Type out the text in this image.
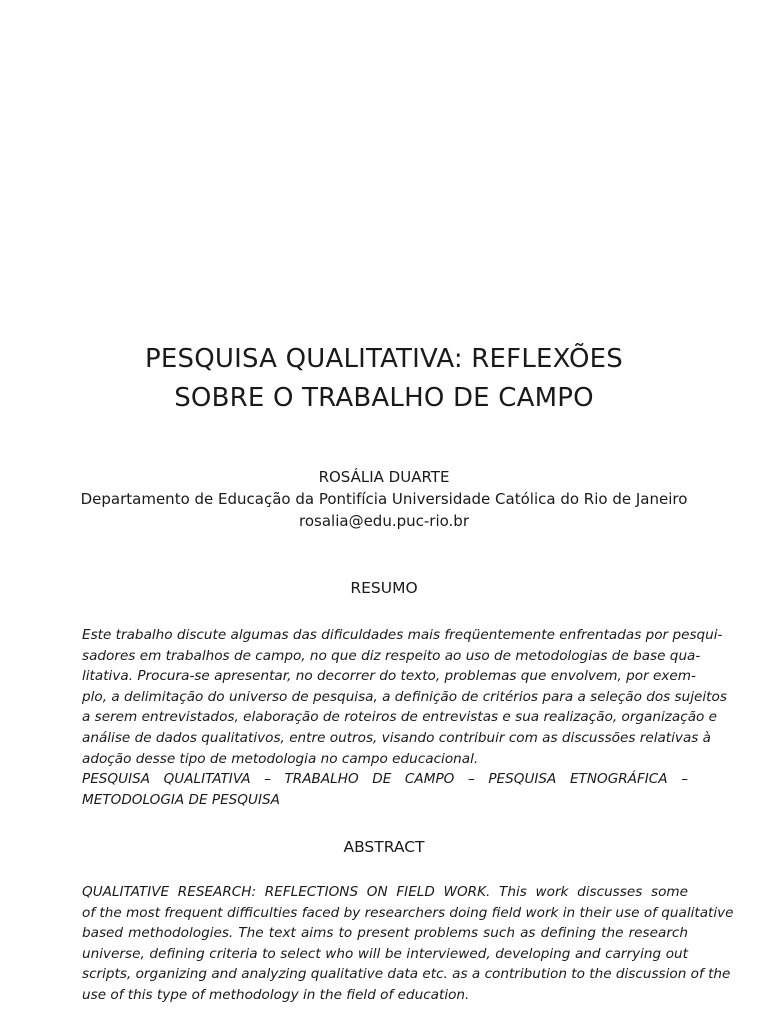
PESQUISA QUALITATIVA: REFLEXÕES
SOBRE O TRABALHO DE CAMPO
ROSÁLIA DUARTE
Departamento de Educação da Pontifícia Universidade Católica do Rio de Janeiro
rosalia@edu.puc-rio.br
RESUMO
Este trabalho discute algumas das dificuldades mais freqüentemente enfrentadas por pesqui-
sadores em trabalhos de campo, no que diz respeito ao uso de metodologias de base qua-
litativa. Procura-se apresentar, no decorrer do texto, problemas que envolvem, por exem-
plo, a delimitação do universo de pesquisa, a definição de critérios para a seleção dos sujeitos
a serem entrevistados, elaboração de roteiros de entrevistas e sua realização, organização e
análise de dados qualitativos, entre outros, visando contribuir com as discussões relativas à
adoção desse tipo de metodologia no campo educacional.
PESQUISA QUALITATIVA – TRABALHO DE CAMPO – PESQUISA ETNOGRÁFICA –
METODOLOGIA DE PESQUISA
ABSTRACT
QUALITATIVE RESEARCH: REFLECTIONS ON FIELD WORK. This work discusses some
of the most frequent difficulties faced by researchers doing field work in their use of qualitative
based methodologies. The text aims to present problems such as defining the research
universe, defining criteria to select who will be interviewed, developing and carrying out
scripts, organizing and analyzing qualitative data etc. as a contribution to the discussion of the
use of this type of methodology in the field of education.
